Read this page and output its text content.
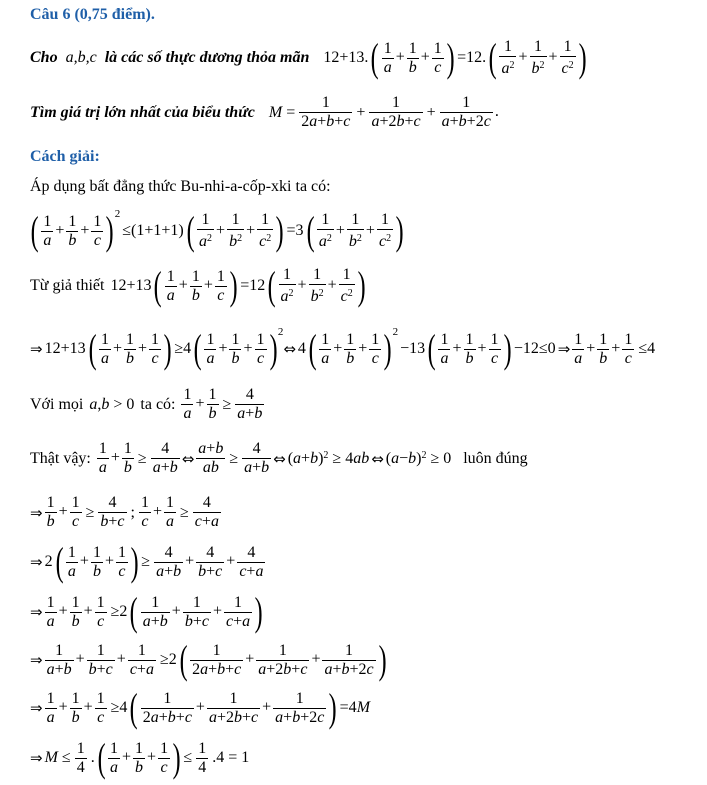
Câu 6 (0,75 điểm).
Cho a,b,c là các số thực dương thỏa mãn $12+13.( \frac{1}{a} + \frac{1}{b} + \frac{1}{c}$ ) $=12.( \frac{1}{a^2} + \frac{1}{b^2} + \frac{1}{c^2}$ )
Tìm giá trị lớn nhất của biểu thức $M = \frac{1}{2a+b+c} + \frac{1}{a+2b+c} + \frac{1}{a+b+2c}$ .
Cách giải:
Áp dụng bất đẳng thức Bu-nhi-a-cốp-xki ta có:
( $\frac{1}{a} + \frac{1}{b} + \frac{1}{c} )^2\le(1+1+1)( \frac{1}{a^2} + \frac{1}{b^2} + \frac{1}{c^2}$ ) $=3( \frac{1}{a^2} + \frac{1}{b^2} + \frac{1}{c^2}$ )
Từ giả thiết $12+13( \frac{1}{a} + \frac{1}{b} + \frac{1}{c}$ ) $=12( \frac{1}{a^2} + \frac{1}{b^2} + \frac{1}{c^2}$ )
⇒ $12+13( \frac{1}{a} + \frac{1}{b} + \frac{1}{c}$ ) $\ge 4( \frac{1}{a} + \frac{1}{b} + \frac{1}{c}$ )$^2\Leftrightarrow$ $4( \frac{1}{a} + \frac{1}{b} + \frac{1}{c} )^2-13( \frac{1}{a} + \frac{1}{b} + \frac{1}{c}$ ) −12≤0 ⇒ $\frac{1}{a} + \frac{1}{b} + \frac{1}{c} \le 4$
Với mọi a,b > 0 ta có: $\frac{1}{a} + \frac{1}{b} \ge \frac{4}{a+b}$
Thật vậy: $\frac{1}{a} + \frac{1}{b} \ge \frac{4}{a+b}$ ⇔ $\frac{a+b}{ab} \ge \frac{4}{a+b}$ ⇔ $(a+b)^2 \ge 4ab$ ⇔ $(a-b)^2 \ge 0$ luôn đúng
⇒ $\frac{1}{b} + \frac{1}{c} \ge \frac{4}{b+c}$ ; $\frac{1}{c} + \frac{1}{a} \ge \frac{4}{c+a}$
⇒ $2( \frac{1}{a} + \frac{1}{b} + \frac{1}{c}$ ) ≥ $\frac{4}{a+b} + \frac{4}{b+c} + \frac{4}{c+a}$
⇒ $\frac{1}{a} + \frac{1}{b} + \frac{1}{c} \ge 2( \frac{1}{a+b} + \frac{1}{b+c} + \frac{1}{c+a}$ )
⇒ $\frac{1}{a+b} + \frac{1}{b+c} + \frac{1}{c+a} \ge 2( \frac{1}{2a+b+c} + \frac{1}{a+2b+c} + \frac{1}{a+b+2c}$ )
⇒ $\frac{1}{a} + \frac{1}{b} + \frac{1}{c} \ge 4( \frac{1}{2a+b+c} + \frac{1}{a+2b+c} + \frac{1}{a+b+2c}$ ) =4M
⇒ $M \le \frac{1}{4}$ .( $\frac{1}{a} + \frac{1}{b} + \frac{1}{c}$ ) ≤ $\frac{1}{4} .4 = 1$
